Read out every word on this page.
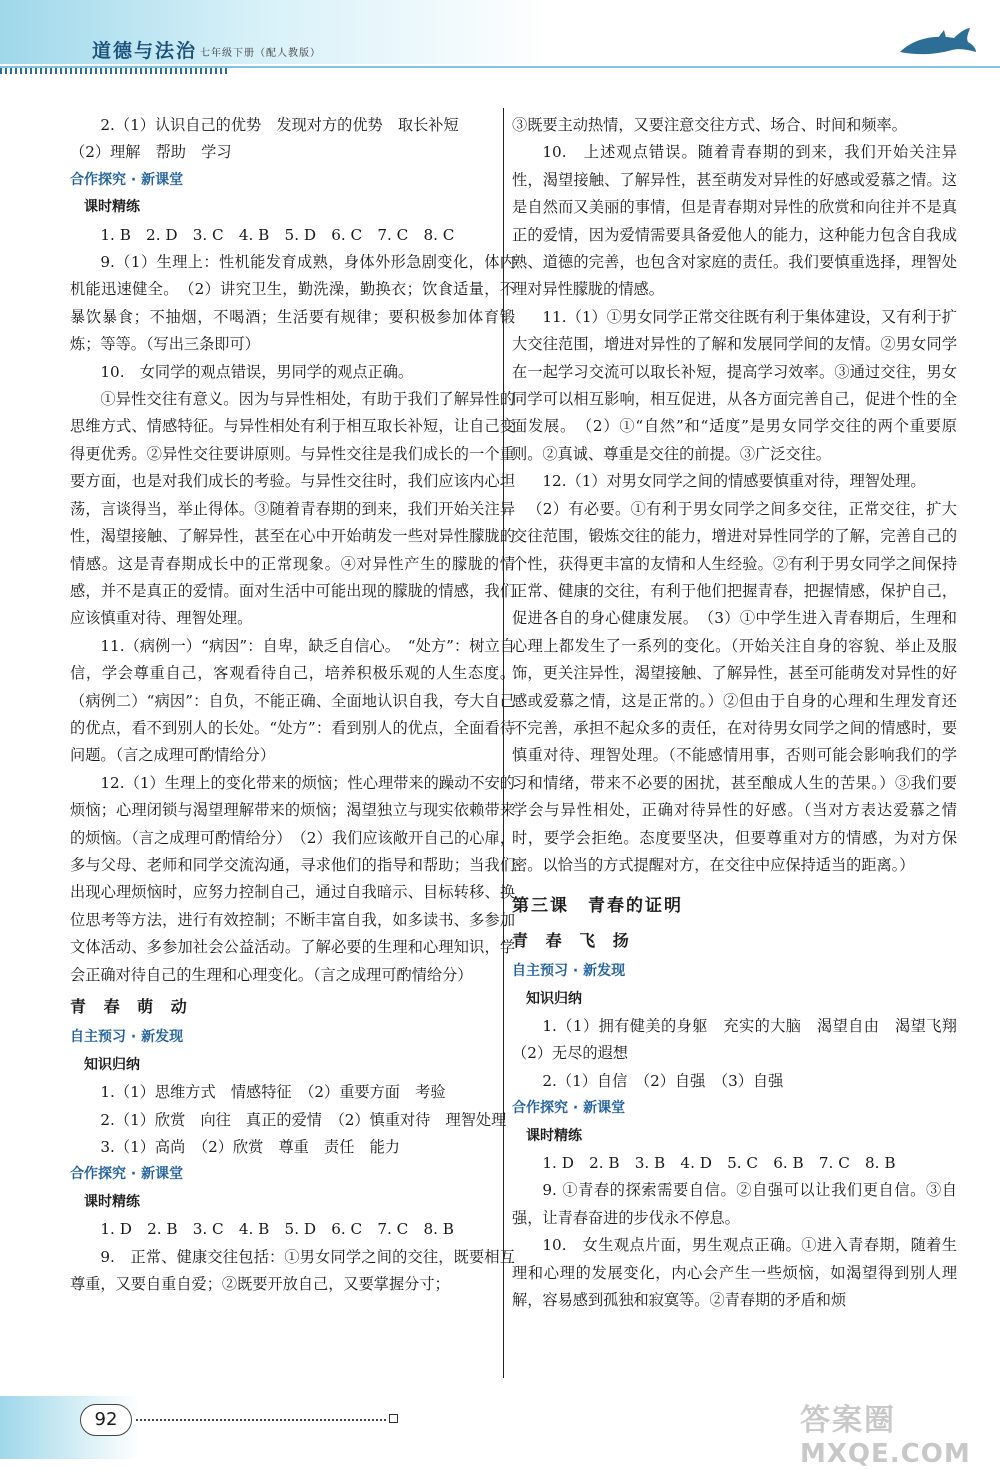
道德与法治 七年级下册（配人教版）

2.（1）认识自己的优势　发现对方的优势　取长补短

（2）理解　帮助　学习

合作探究 · 新课堂

课时精练

1. B　2. D　3. C　4. B　5. D　6. C　7. C　8. C

9.（1）生理上：性机能发育成熟，身体外形急剧变化，体内机能迅速健全。　（2）讲究卫生，勤洗澡，勤换衣；饮食适量，不暴饮暴食；不抽烟，不喝酒；生活要有规律；要积极参加体育锻炼；等等。（写出三条即可）

10.　女同学的观点错误，男同学的观点正确。

①异性交往有意义。因为与异性相处，有助于我们了解异性的思维方式、情感特征。与异性相处有利于相互取长补短，让自己变得更优秀。②异性交往要讲原则。与异性交往是我们成长的一个重要方面，也是对我们成长的考验。与异性交往时，我们应该内心坦荡，言谈得当，举止得体。③随着青春期的到来，我们开始关注异性，渴望接触、了解异性，甚至在心中开始萌发一些对异性朦胧的情感。这是青春期成长中的正常现象。④对异性产生的朦胧的情感，并不是真正的爱情。面对生活中可能出现的朦胧的情感，我们应该慎重对待、理智处理。

11.（病例一）“病因”：自卑，缺乏自信心。　“处方”：树立自信，学会尊重自己，客观看待自己，培养积极乐观的人生态度。（病例二）“病因”：自负，不能正确、全面地认识自我，夸大自己的优点，看不到别人的长处。“处方”：看到别人的优点，全面看待问题。（言之成理可酌情给分）

12.（1）生理上的变化带来的烦恼；性心理带来的躁动不安的烦恼；心理闭锁与渴望理解带来的烦恼；渴望独立与现实依赖带来的烦恼。（言之成理可酌情给分）　（2）我们应该敞开自己的心扉，多与父母、老师和同学交流沟通，寻求他们的指导和帮助；当我们出现心理烦恼时，应努力控制自己，通过自我暗示、目标转移、换位思考等方法，进行有效控制；不断丰富自我，如多读书、多参加文体活动、多参加社会公益活动。了解必要的生理和心理知识，学会正确对待自己的生理和心理变化。（言之成理可酌情给分）

青 春 萌 动

自主预习 · 新发现

知识归纳

1.（1）思维方式　情感特征　（2）重要方面　考验

2.（1）欣赏　向往　真正的爱情　（2）慎重对待　理智处理

3.（1）高尚　（2）欣赏　尊重　责任　能力

合作探究 · 新课堂

课时精练

1. D　2. B　3. C　4. B　5. D　6. C　7. C　8. B

9.　正常、健康交往包括：①男女同学之间的交往，既要相互尊重，又要自重自爱；②既要开放自己，又要掌握分寸；

③既要主动热情，又要注意交往方式、场合、时间和频率。

10.　上述观点错误。随着青春期的到来，我们开始关注异性，渴望接触、了解异性，甚至萌发对异性的好感或爱慕之情。这是自然而又美丽的事情，但是青春期对异性的欣赏和向往并不是真正的爱情，因为爱情需要具备爱他人的能力，这种能力包含自我成熟、道德的完善，也包含对家庭的责任。我们要慎重选择，理智处理对异性朦胧的情感。

11.（1）①男女同学正常交往既有利于集体建设，又有利于扩大交往范围，增进对异性的了解和发展同学间的友情。②男女同学在一起学习交流可以取长补短，提高学习效率。③通过交往，男女同学可以相互影响，相互促进，从各方面完善自己，促进个性的全面发展。　（2）①“自然”和“适度”是男女同学交往的两个重要原则。②真诚、尊重是交往的前提。③广泛交往。

12.（1）对男女同学之间的情感要慎重对待，理智处理。

（2）有必要。①有利于男女同学之间多交往，正常交往，扩大交往范围，锻炼交往的能力，增进对异性同学的了解，完善自己的个性，获得更丰富的友情和人生经验。②有利于男女同学之间保持正常、健康的交往，有利于他们把握青春，把握情感，保护自己，促进各自的身心健康发展。　（3）①中学生进入青春期后，生理和心理上都发生了一系列的变化。（开始关注自身的容貌、举止及服饰，更关注异性，渴望接触、了解异性，甚至可能萌发对异性的好感或爱慕之情，这是正常的。）②但由于自身的心理和生理发育还不完善，承担不起众多的责任，在对待男女同学之间的情感时，要慎重对待、理智处理。（不能感情用事，否则可能会影响我们的学习和情绪，带来不必要的困扰，甚至酿成人生的苦果。）③我们要学会与异性相处，正确对待异性的好感。（当对方表达爱慕之情时，要学会拒绝。态度要坚决，但要尊重对方的情感，为对方保密。以恰当的方式提醒对方，在交往中应保持适当的距离。）

第三课　青春的证明

青 春 飞 扬

自主预习 · 新发现

知识归纳

1.（1）拥有健美的身躯　充实的大脑　渴望自由　渴望飞翔　（2）无尽的遐想

2.（1）自信　（2）自强　（3）自强

合作探究 · 新课堂

课时精练

1. D　2. B　3. B　4. D　5. C　6. B　7. C　8. B

9. ①青春的探索需要自信。②自强可以让我们更自信。③自强，让青春奋进的步伐永不停息。

10.　女生观点片面，男生观点正确。①进入青春期，随着生理和心理的发展变化，内心会产生一些烦恼，如渴望得到别人理解，容易感到孤独和寂寞等。②青春期的矛盾和烦

92	答案圈
MXQE.COM
